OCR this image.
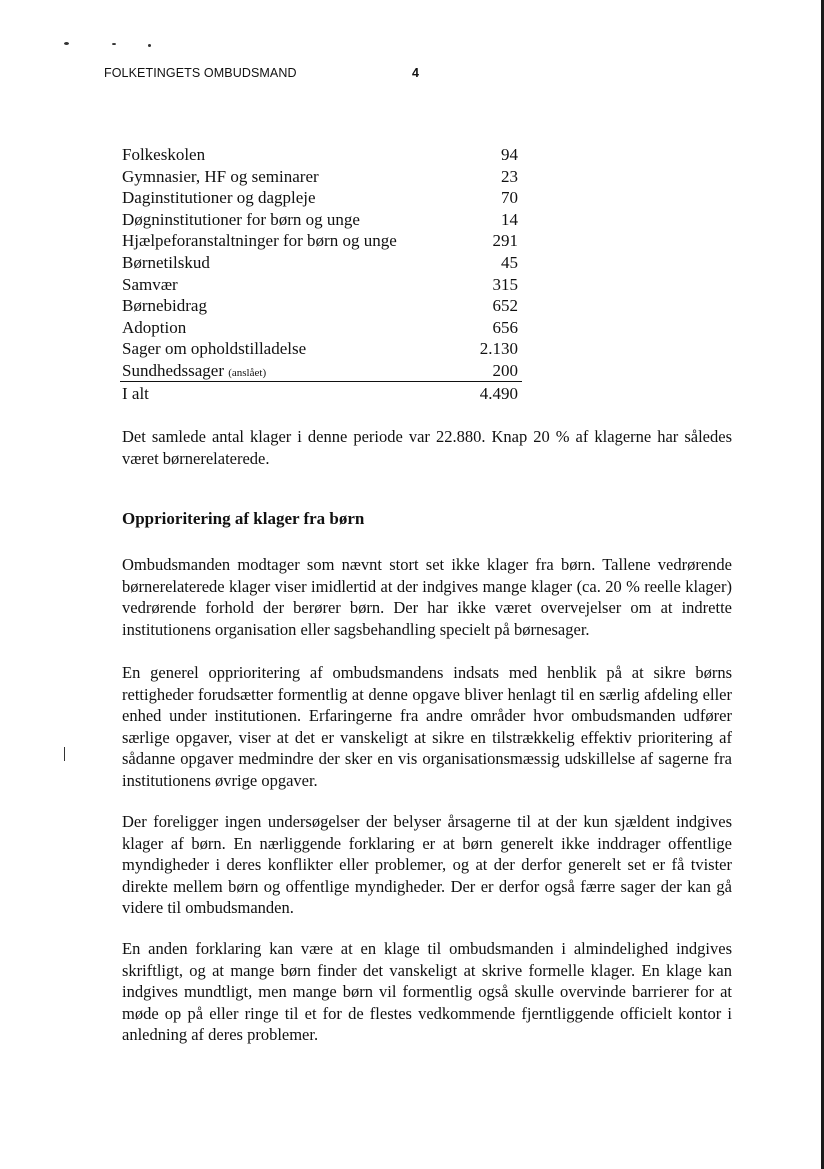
FOLKETINGETS OMBUDSMAND	4
Folkeskolen	94
Gymnasier, HF og seminarer	23
Daginstitutioner og dagpleje	70
Døgninstitutioner for børn og unge	14
Hjælpeforanstaltninger for børn og unge	291
Børnetilskud	45
Samvær	315
Børnebidrag	652
Adoption	656
Sager om opholdstilladelse	2.130
Sundhedssager (anslået)	200
I alt	4.490

Det samlede antal klager i denne periode var 22.880. Knap 20 % af klagerne har således været børnerelaterede.

Opprioritering af klager fra børn

Ombudsmanden modtager som nævnt stort set ikke klager fra børn. Tallene vedrørende børnerelaterede klager viser imidlertid at der indgives mange klager (ca. 20 % reelle klager) vedrørende forhold der berører børn. Der har ikke været overvejelser om at indrette institutionens organisation eller sagsbehandling specielt på børnesager.

En generel opprioritering af ombudsmandens indsats med henblik på at sikre børns rettigheder forudsætter formentlig at denne opgave bliver henlagt til en særlig afdeling eller enhed under institutionen. Erfaringerne fra andre områder hvor ombudsmanden udfører særlige opgaver, viser at det er vanskeligt at sikre en tilstrækkelig effektiv prioritering af sådanne opgaver medmindre der sker en vis organisationsmæssig udskillelse af sagerne fra institutionens øvrige opgaver.

Der foreligger ingen undersøgelser der belyser årsagerne til at der kun sjældent indgives klager af børn. En nærliggende forklaring er at børn generelt ikke inddrager offentlige myndigheder i deres konflikter eller problemer, og at der derfor generelt set er få tvister direkte mellem børn og offentlige myndigheder. Der er derfor også færre sager der kan gå videre til ombudsmanden.

En anden forklaring kan være at en klage til ombudsmanden i almindelighed indgives skriftligt, og at mange børn finder det vanskeligt at skrive formelle klager. En klage kan indgives mundtligt, men mange børn vil formentlig også skulle overvinde barrierer for at møde op på eller ringe til et for de flestes vedkommende fjerntliggende officielt kontor i anledning af deres problemer.
